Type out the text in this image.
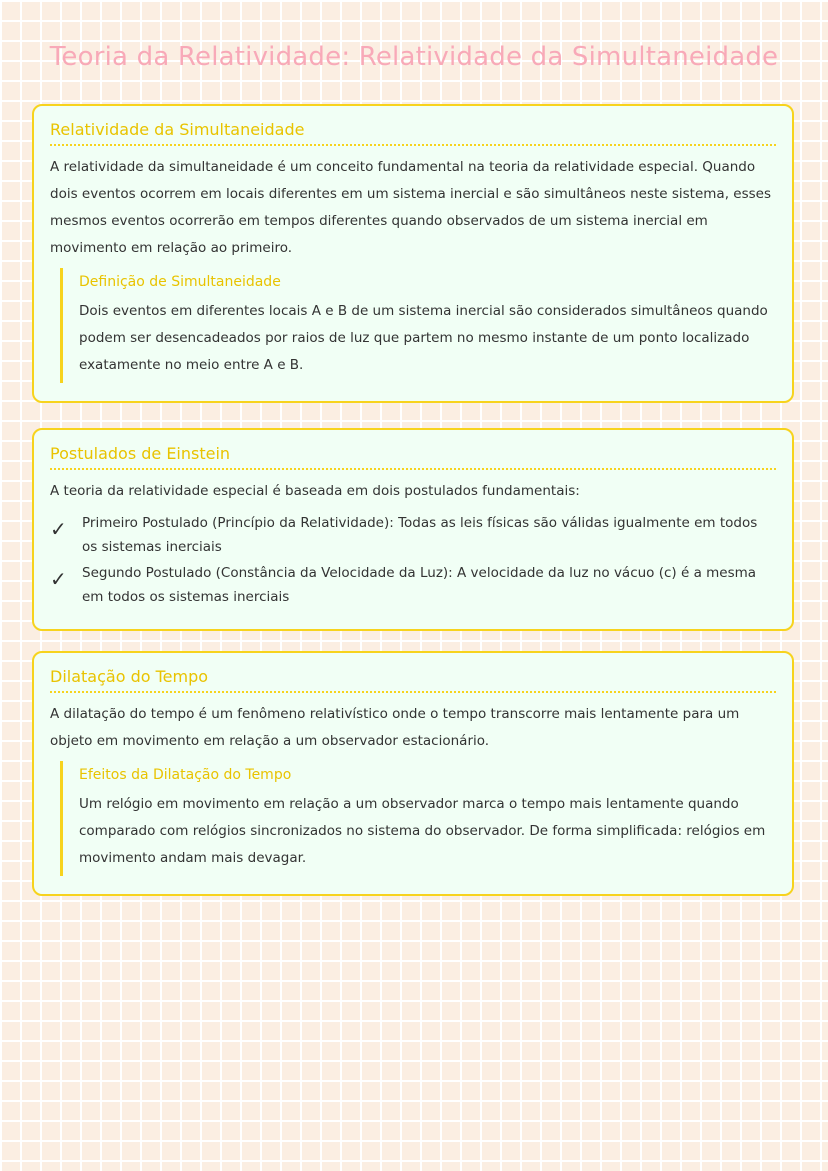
Teoria da Relatividade: Relatividade da Simultaneidade
Relatividade da Simultaneidade

A relatividade da simultaneidade é um conceito fundamental na teoria da relatividade especial. Quando dois eventos ocorrem em locais diferentes em um sistema inercial e são simultâneos neste sistema, esses mesmos eventos ocorrerão em tempos diferentes quando observados de um sistema inercial em movimento em relação ao primeiro.

Definição de Simultaneidade

Dois eventos em diferentes locais A e B de um sistema inercial são considerados simultâneos quando podem ser desencadeados por raios de luz que partem no mesmo instante de um ponto localizado exatamente no meio entre A e B.

Postulados de Einstein

A teoria da relatividade especial é baseada em dois postulados fundamentais:

✓	Primeiro Postulado (Princípio da Relatividade): Todas as leis físicas são válidas igualmente em todos os sistemas inerciais
✓	Segundo Postulado (Constância da Velocidade da Luz): A velocidade da luz no vácuo (c) é a mesma em todos os sistemas inerciais
Dilatação do Tempo

A dilatação do tempo é um fenômeno relativístico onde o tempo transcorre mais lentamente para um objeto em movimento em relação a um observador estacionário.

Efeitos da Dilatação do Tempo

Um relógio em movimento em relação a um observador marca o tempo mais lentamente quando comparado com relógios sincronizados no sistema do observador. De forma simplificada: relógios em movimento andam mais devagar.
